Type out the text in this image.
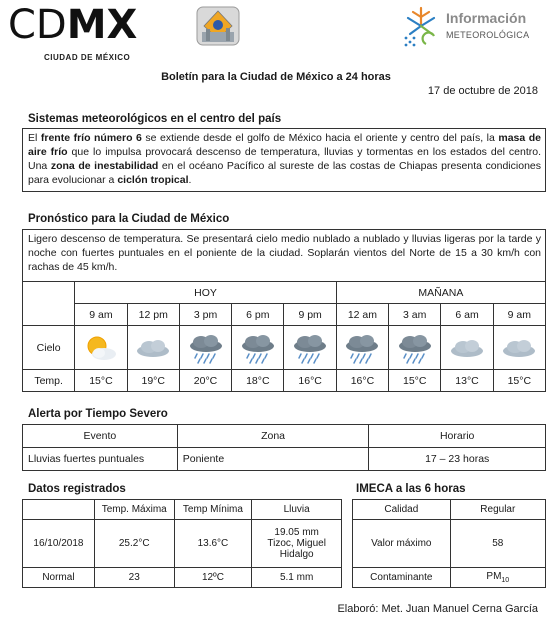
CDMX
CIUDAD DE MÉXICO
Información
METEOROLÓGICA
Boletín para la Ciudad de México a 24 horas
17 de octubre de 2018
Sistemas meteorológicos en el centro del país
El frente frío número 6 se extiende desde el golfo de México hacia el oriente y centro del país, la masa de aire frío que lo impulsa provocará descenso de temperatura, lluvias y tormentas en los estados del centro. Una zona de inestabilidad en el océano Pacífico al sureste de las costas de Chiapas presenta condiciones para evolucionar a ciclón tropical.
Pronóstico para la Ciudad de México
Ligero descenso de temperatura. Se presentará cielo medio nublado a nublado y lluvias ligeras por la tarde y noche con fuertes puntuales en el poniente de la ciudad. Soplarán vientos del Norte de 15 a 30 km/h con rachas de 45 km/h.
	HOY					MAÑANA			
	9 am	12 pm	3 pm	6 pm	9 pm	12 am	3 am	6 am	9 am
Cielo	

Temp.	15°C	19°C	20°C	18°C	16°C	16°C	15°C	13°C	15°C
Alerta por Tiempo Severo
Evento	Zona	Horario
Lluvias fuertes puntuales	Poniente	17 – 23 horas
Datos registrados
	Temp. Máxima	Temp Mínima	Lluvia
16/10/2018	25.2°C	13.6°C	19.05 mm
Tizoc, Miguel
Hidalgo
Normal	23	12ºC	5.1 mm
IMECA a las 6 horas
Calidad	Regular
Valor máximo	58
Contaminante	$PM_{10}$
Elaboró: Met. Juan Manuel Cerna García
